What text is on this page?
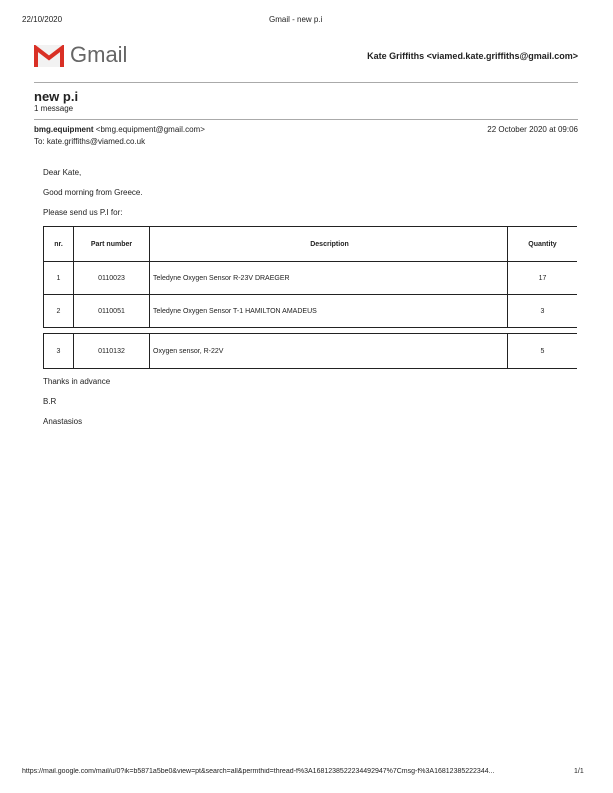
22/10/2020	Gmail - new p.i
Gmail	Kate Griffiths <viamed.kate.griffiths@gmail.com>
new p.i
1 message
bmg.equipment <bmg.equipment@gmail.com>	22 October 2020 at 09:06
To: kate.griffiths@viamed.co.uk
Dear Kate,
Good morning from Greece.
Please send us P.I for:
nr.	Part number	Description	Quantity
1	0110023	Teledyne Oxygen Sensor R-23V DRAEGER	17
2	0110051	Teledyne Oxygen Sensor T-1 HAMILTON AMADEUS	3
3	0110132	Oxygen sensor, R-22V	5
Thanks in advance
B.R
Anastasios
https://mail.google.com/mail/u/0?ik=b5871a5be0&view=pt&search=all&permthid=thread-f%3A1681238522234492947%7Cmsg-f%3A16812385222344...	1/1
